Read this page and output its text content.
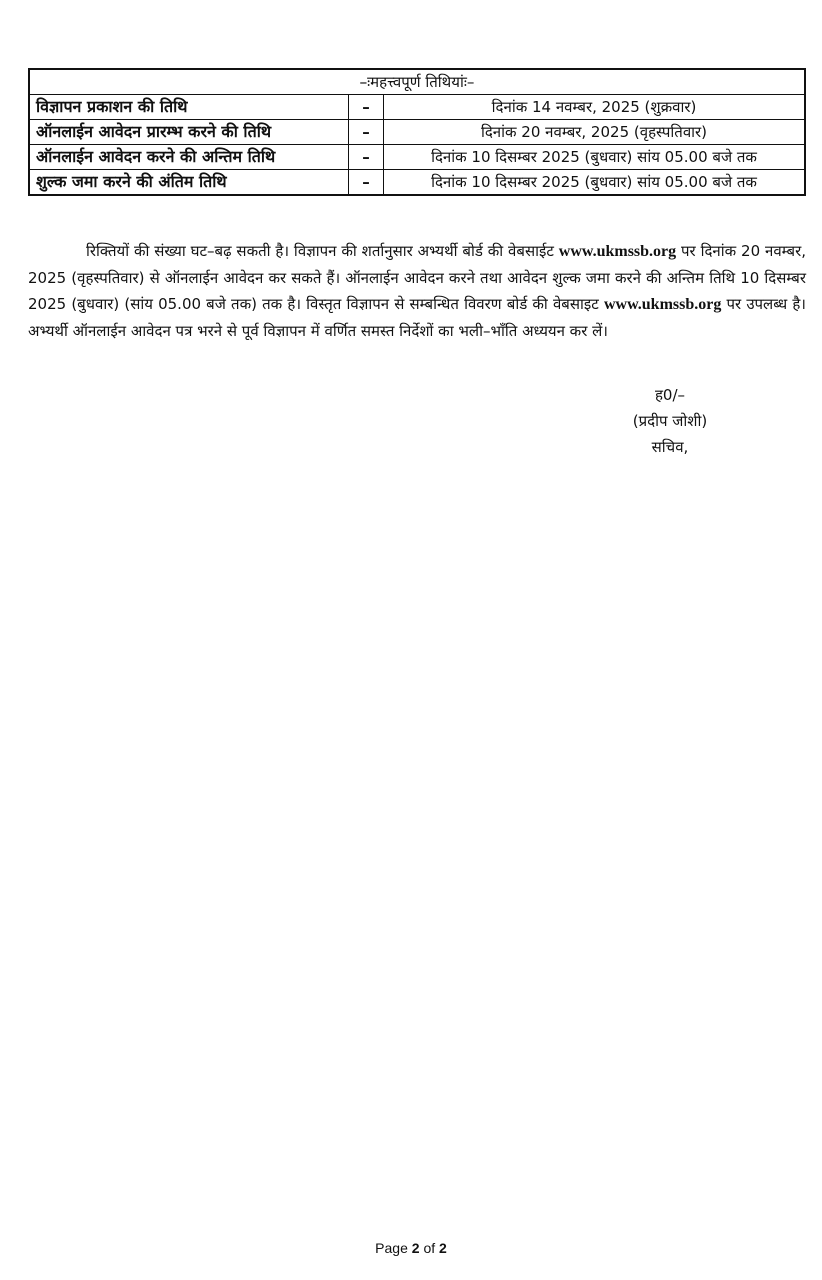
–ःमहत्त्वपूर्ण तिथियांः–		
विज्ञापन प्रकाशन की तिथि	–	दिनांक 14 नवम्बर, 2025 (शुक्रवार)
ऑनलाईन आवेदन प्रारम्भ करने की तिथि	–	दिनांक 20 नवम्बर, 2025 (वृहस्पतिवार)
ऑनलाईन आवेदन करने की अन्तिम तिथि	–	दिनांक 10 दिसम्बर 2025 (बुधवार) सांय 05.00 बजे तक
शुल्क जमा करने की अंतिम तिथि	–	दिनांक 10 दिसम्बर 2025 (बुधवार) सांय 05.00 बजे तक

रिक्तियों की संख्या घट–बढ़ सकती है। विज्ञापन की शर्तानुसार अभ्यर्थी बोर्ड की वेबसाईट www.ukmssb.org पर दिनांक 20 नवम्बर, 2025 (वृहस्पतिवार) से ऑनलाईन आवेदन कर सकते हैं। ऑनलाईन आवेदन करने तथा आवेदन शुल्क जमा करने की अन्तिम तिथि 10 दिसम्बर 2025 (बुधवार) (सांय 05.00 बजे तक) तक है। विस्तृत विज्ञापन से सम्बन्धित विवरण बोर्ड की वेबसाइट www.ukmssb.org पर उपलब्ध है। अभ्यर्थी ऑनलाईन आवेदन पत्र भरने से पूर्व विज्ञापन में वर्णित समस्त निर्देशों का भली–भाँति अध्ययन कर लें।

ह0/–
(प्रदीप जोशी)
सचिव,
Page 2 of 2
